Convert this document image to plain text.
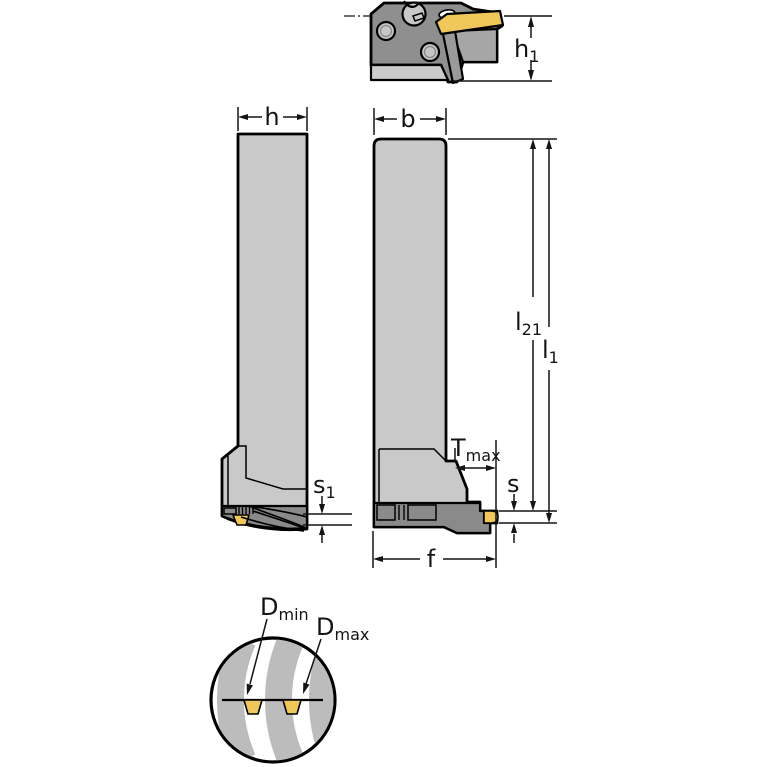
$h_1$
h
$s_1$
b
$l_{21}$
$l_1$
$T_{max}$
s
f
$D_{min}$ $D_{max}$
